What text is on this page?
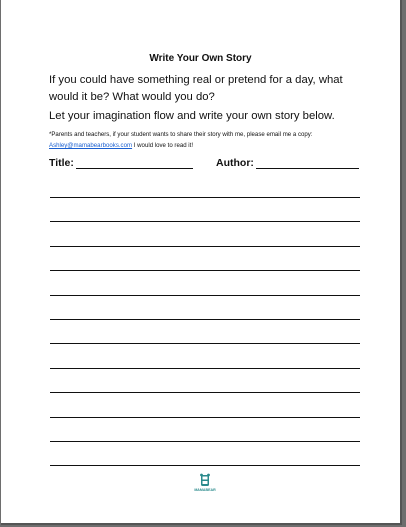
Write Your Own Story
If you could have something real or pretend for a day, what would it be? What would you do?
Let your imagination flow and write your own story below.
*Parents and teachers, if your student wants to share their story with me, please email me a copy: Ashley@mamabearbooks.com I would love to read it!
Title:	Author:
MAMABEAR
